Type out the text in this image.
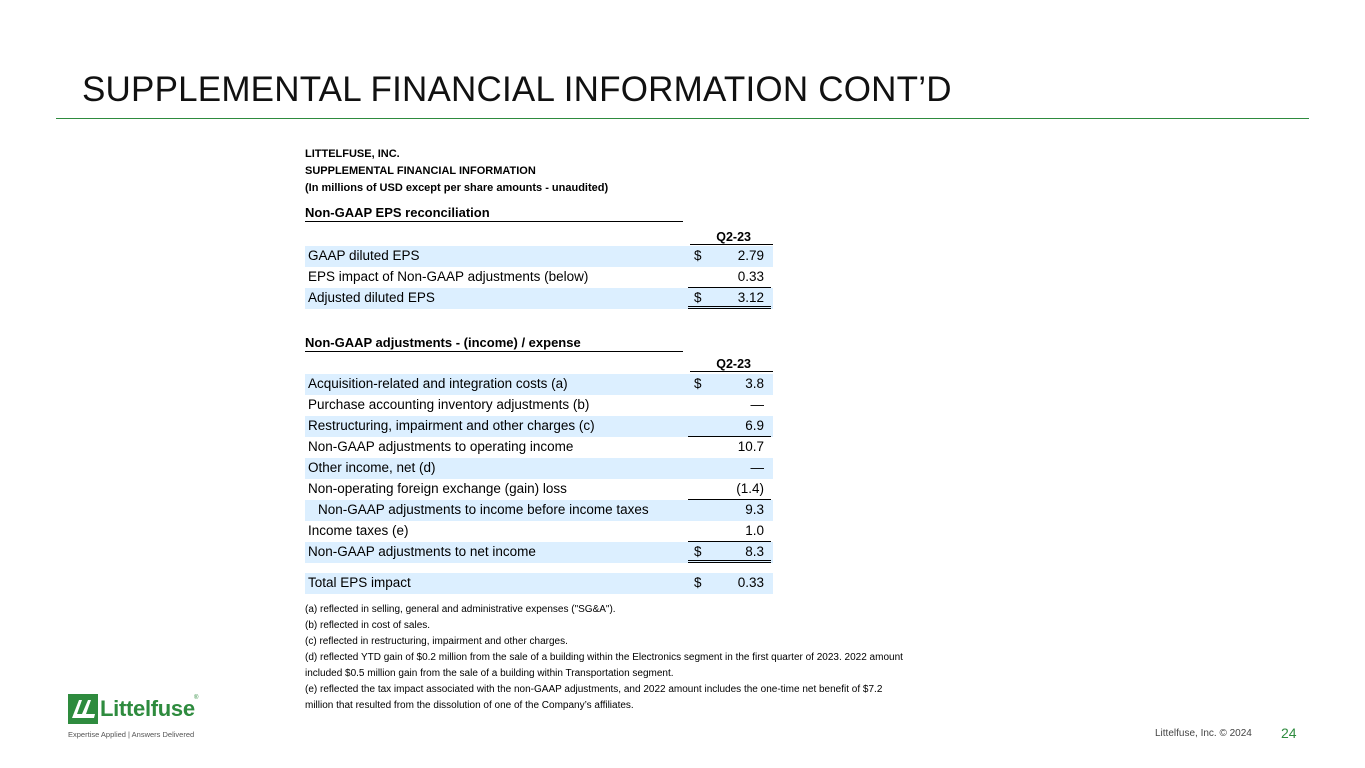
SUPPLEMENTAL FINANCIAL INFORMATION CONT’D
LITTELFUSE, INC.
SUPPLEMENTAL FINANCIAL INFORMATION
(In millions of USD except per share amounts - unaudited)
Non-GAAP EPS reconciliation
Q2-23
GAAP diluted EPS	$	2.79
EPS impact of Non-GAAP adjustments (below)	0.33
Adjusted diluted EPS	$	3.12
Non-GAAP adjustments - (income) / expense
Q2-23
Acquisition-related and integration costs (a)	$	3.8
Purchase accounting inventory adjustments (b)	—
Restructuring, impairment and other charges (c)	6.9
Non-GAAP adjustments to operating income	10.7
Other income, net (d)	—
Non-operating foreign exchange (gain) loss	(1.4)
Non-GAAP adjustments to income before income taxes	9.3
Income taxes (e)	1.0
Non-GAAP adjustments to net income	$	8.3
Total EPS impact	$	0.33
(a) reflected in selling, general and administrative expenses ("SG&A").
(b) reflected in cost of sales.
(c) reflected in restructuring, impairment and other charges.
(d) reflected YTD gain of $0.2 million from the sale of a building within the Electronics segment in the first quarter of 2023. 2022 amount
included $0.5 million gain from the sale of a building within Transportation segment.
(e) reflected the tax impact associated with the non-GAAP adjustments, and 2022 amount includes the one-time net benefit of $7.2
million that resulted from the dissolution of one of the Company’s affiliates.
Littelfuse ®
Expertise Applied | Answers Delivered	Littelfuse, Inc. © 2024 24
